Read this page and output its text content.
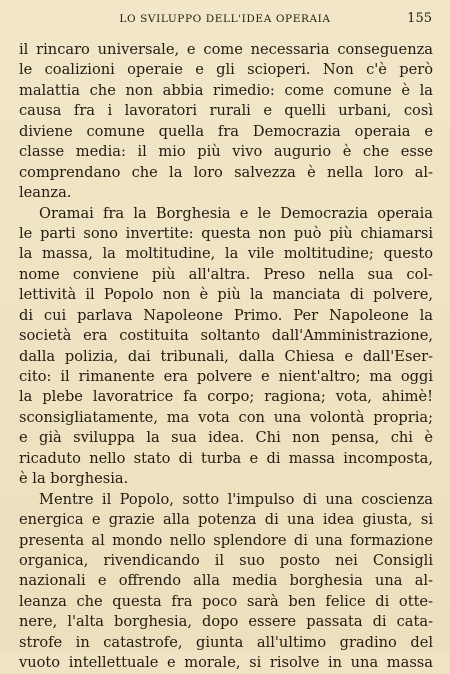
LO SVILUPPO DELL'IDEA OPERAIA	155
il rincaro universale, e come necessaria conseguenza
le coalizioni operaie e gli scioperi. Non c'è però
malattia che non abbia rimedio: come comune è la
causa fra i lavoratori rurali e quelli urbani, così
diviene comune quella fra Democrazia operaia e
classe media: il mio più vivo augurio è che esse
comprendano che la loro salvezza è nella loro al-
leanza.
Oramai fra la Borghesia e le Democrazia operaia
le parti sono invertite: questa non può più chiamarsi
la massa, la moltitudine, la vile moltitudine; questo
nome conviene più all'altra. Preso nella sua col-
lettività il Popolo non è più la manciata di polvere,
di cui parlava Napoleone Primo. Per Napoleone la
società era costituita soltanto dall'Amministrazione,
dalla polizia, dai tribunali, dalla Chiesa e dall'Eser-
cito: il rimanente era polvere e nient'altro; ma oggi
la plebe lavoratrice fa corpo; ragiona; vota, ahimè!
sconsigliatamente, ma vota con una volontà propria;
e già sviluppa la sua idea. Chi non pensa, chi è
ricaduto nello stato di turba e di massa incomposta,
è la borghesia.
Mentre il Popolo, sotto l'impulso di una coscienza
energica e grazie alla potenza di una idea giusta, si
presenta al mondo nello splendore di una formazione
organica, rivendicando il suo posto nei Consigli
nazionali e offrendo alla media borghesia una al-
leanza che questa fra poco sarà ben felice di otte-
nere, l'alta borghesia, dopo essere passata di cata-
strofe in catastrofe, giunta all'ultimo gradino del
vuoto intellettuale e morale, si risolve in una massa
